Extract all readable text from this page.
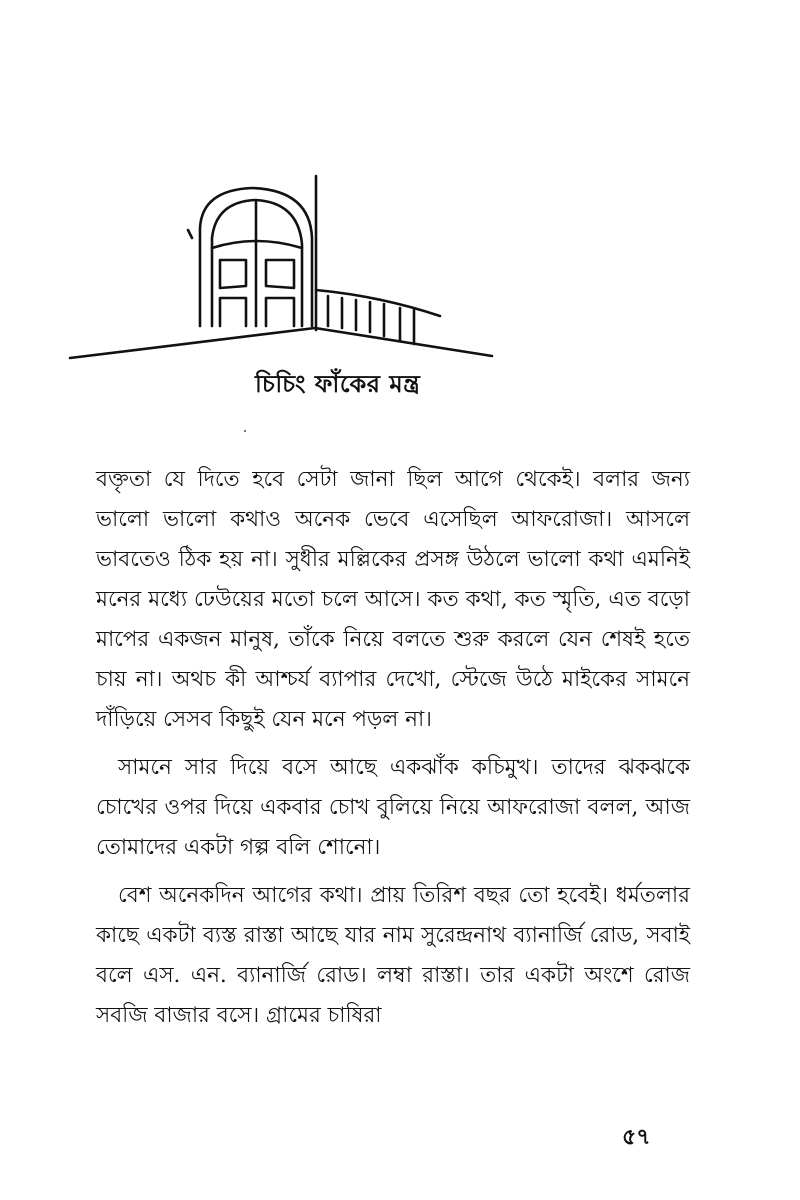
চিচিং ফাঁকের মন্ত্র

বক্তৃতা যে দিতে হবে সেটা জানা ছিল আগে থেকেই। বলার জন্য ভালো ভালো কথাও অনেক ভেবে এসেছিল আফরোজা। আসলে ভাবতেও ঠিক হয় না। সুধীর মল্লিকের প্রসঙ্গ উঠলে ভালো কথা এমনিই মনের মধ্যে ঢেউয়ের মতো চলে আসে। কত কথা, কত স্মৃতি, এত বড়ো মাপের একজন মানুষ, তাঁকে নিয়ে বলতে শুরু করলে যেন শেষই হতে চায় না। অথচ কী আশ্চর্য ব্যাপার দেখো, স্টেজে উঠে মাইকের সামনে দাঁড়িয়ে সেসব কিছুই যেন মনে পড়ল না।

সামনে সার দিয়ে বসে আছে একঝাঁক কচিমুখ। তাদের ঝকঝকে চোখের ওপর দিয়ে একবার চোখ বুলিয়ে নিয়ে আফরোজা বলল, আজ তোমাদের একটা গল্প বলি শোনো।

বেশ অনেকদিন আগের কথা। প্রায় তিরিশ বছর তো হবেই। ধর্মতলার কাছে একটা ব্যস্ত রাস্তা আছে যার নাম সুরেন্দ্রনাথ ব্যানার্জি রোড, সবাই বলে এস. এন. ব্যানার্জি রোড। লম্বা রাস্তা। তার একটা অংশে রোজ সবজি বাজার বসে। গ্রামের চাষিরা

৫৭
